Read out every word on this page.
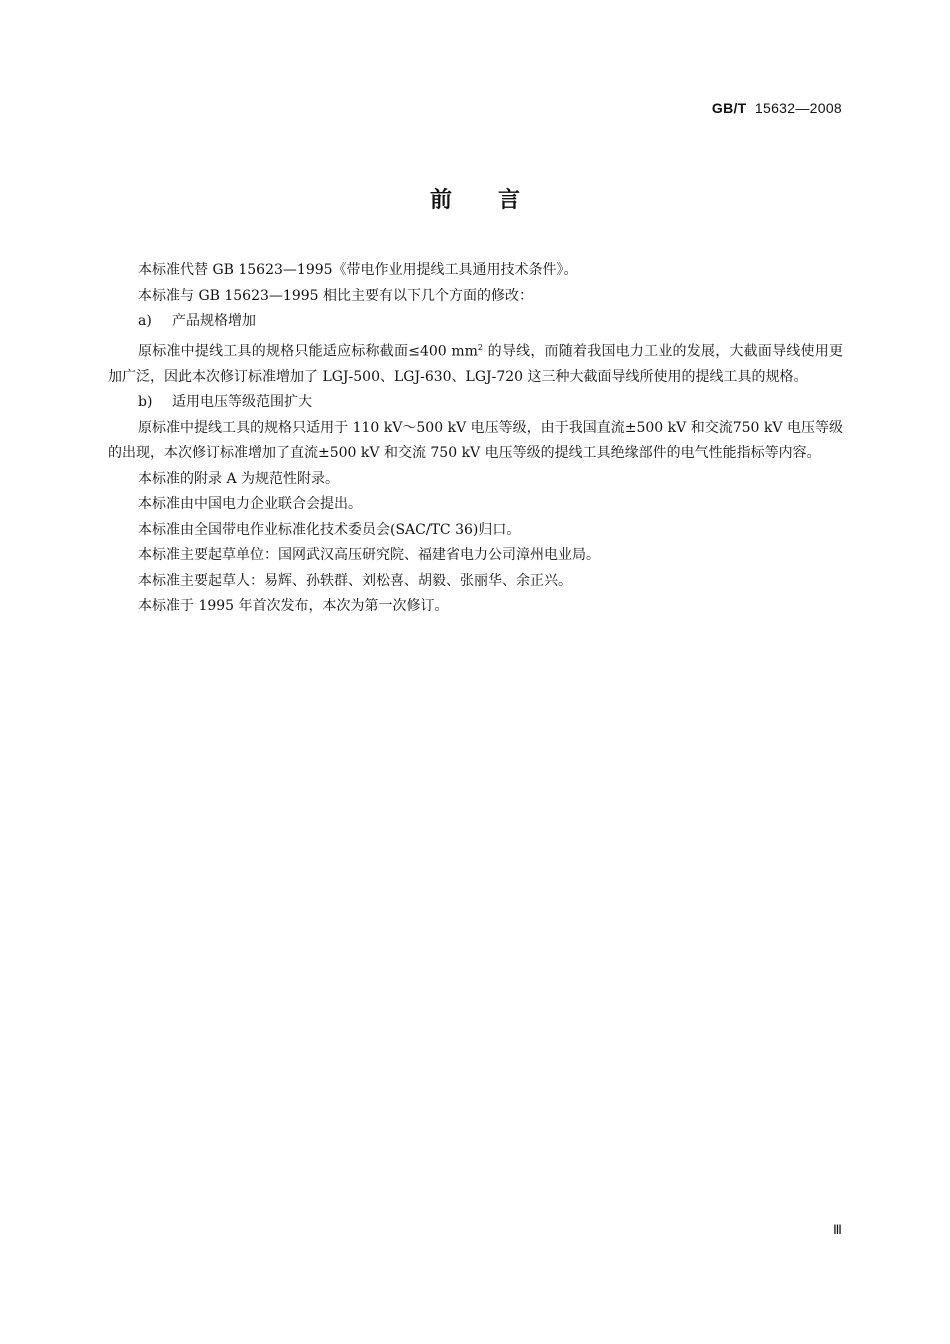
GB/T 15632—2008
前言

本标准代替 GB 15623—1995《带电作业用提线工具通用技术条件》。

本标准与 GB 15623—1995 相比主要有以下几个方面的修改：

a) 产品规格增加

原标准中提线工具的规格只能适应标称截面≤400 $mm^2$ 的导线，而随着我国电力工业的发展，大截面导线使用更加广泛，因此本次修订标准增加了 LGJ-500、LGJ-630、LGJ-720 这三种大截面导线所使用的提线工具的规格。

b) 适用电压等级范围扩大

原标准中提线工具的规格只适用于 110 kV～500 kV 电压等级，由于我国直流±500 kV 和交流750 kV 电压等级的出现，本次修订标准增加了直流±500 kV 和交流 750 kV 电压等级的提线工具绝缘部件的电气性能指标等内容。

本标准的附录 A 为规范性附录。

本标准由中国电力企业联合会提出。

本标准由全国带电作业标准化技术委员会(SAC/TC 36)归口。

本标准主要起草单位：国网武汉高压研究院、福建省电力公司漳州电业局。

本标准主要起草人：易辉、孙轶群、刘松喜、胡毅、张丽华、余正兴。

本标准于 1995 年首次发布，本次为第一次修订。

Ⅲ
